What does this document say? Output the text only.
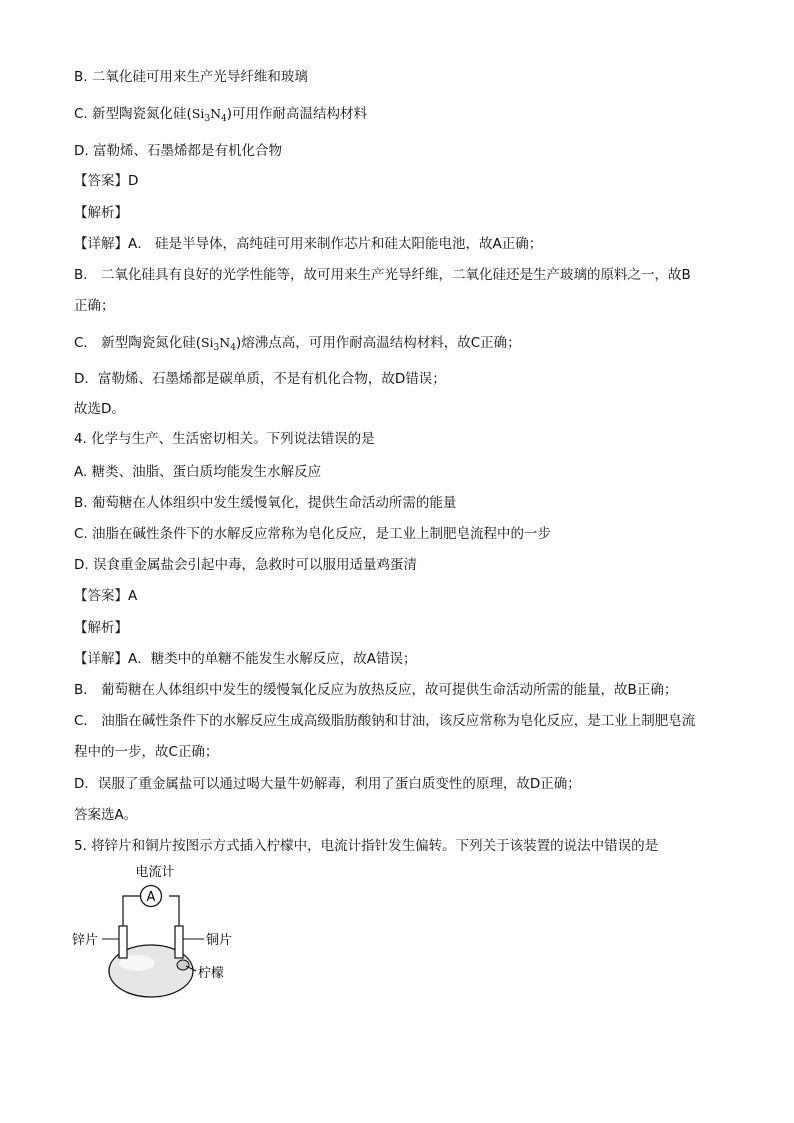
B. 二氧化硅可用来生产光导纤维和玻璃
C. 新型陶瓷氮化硅$(Si_3N_4)$可用作耐高温结构材料
D. 富勒烯、石墨烯都是有机化合物
【答案】D
【解析】
【详解】A． 硅是半导体，高纯硅可用来制作芯片和硅太阳能电池，故A正确；
B． 二氧化硅具有良好的光学性能等，故可用来生产光导纤维，二氧化硅还是生产玻璃的原料之一，故B
正确；
C． 新型陶瓷氮化硅$(Si_3N_4)$熔沸点高，可用作耐高温结构材料，故C正确；
D．富勒烯、石墨烯都是碳单质，不是有机化合物，故D错误；
故选D。
4. 化学与生产、生活密切相关。下列说法错误的是
A. 糖类、油脂、蛋白质均能发生水解反应
B. 葡萄糖在人体组织中发生缓慢氧化，提供生命活动所需的能量
C. 油脂在碱性条件下的水解反应常称为皂化反应，是工业上制肥皂流程中的一步
D. 误食重金属盐会引起中毒，急救时可以服用适量鸡蛋清
【答案】A
【解析】
【详解】A．糖类中的单糖不能发生水解反应，故A错误；
B． 葡萄糖在人体组织中发生的缓慢氧化反应为放热反应，故可提供生命活动所需的能量，故B正确；
C． 油脂在碱性条件下的水解反应生成高级脂肪酸钠和甘油，该反应常称为皂化反应，是工业上制肥皂流
程中的一步，故C正确；
D．误服了重金属盐可以通过喝大量牛奶解毒，利用了蛋白质变性的原理，故D正确；
答案选A。
5. 将锌片和铜片按图示方式插入柠檬中，电流计指针发生偏转。下列关于该装置的说法中错误的是
电流计
A
锌片	铜片
柠檬
